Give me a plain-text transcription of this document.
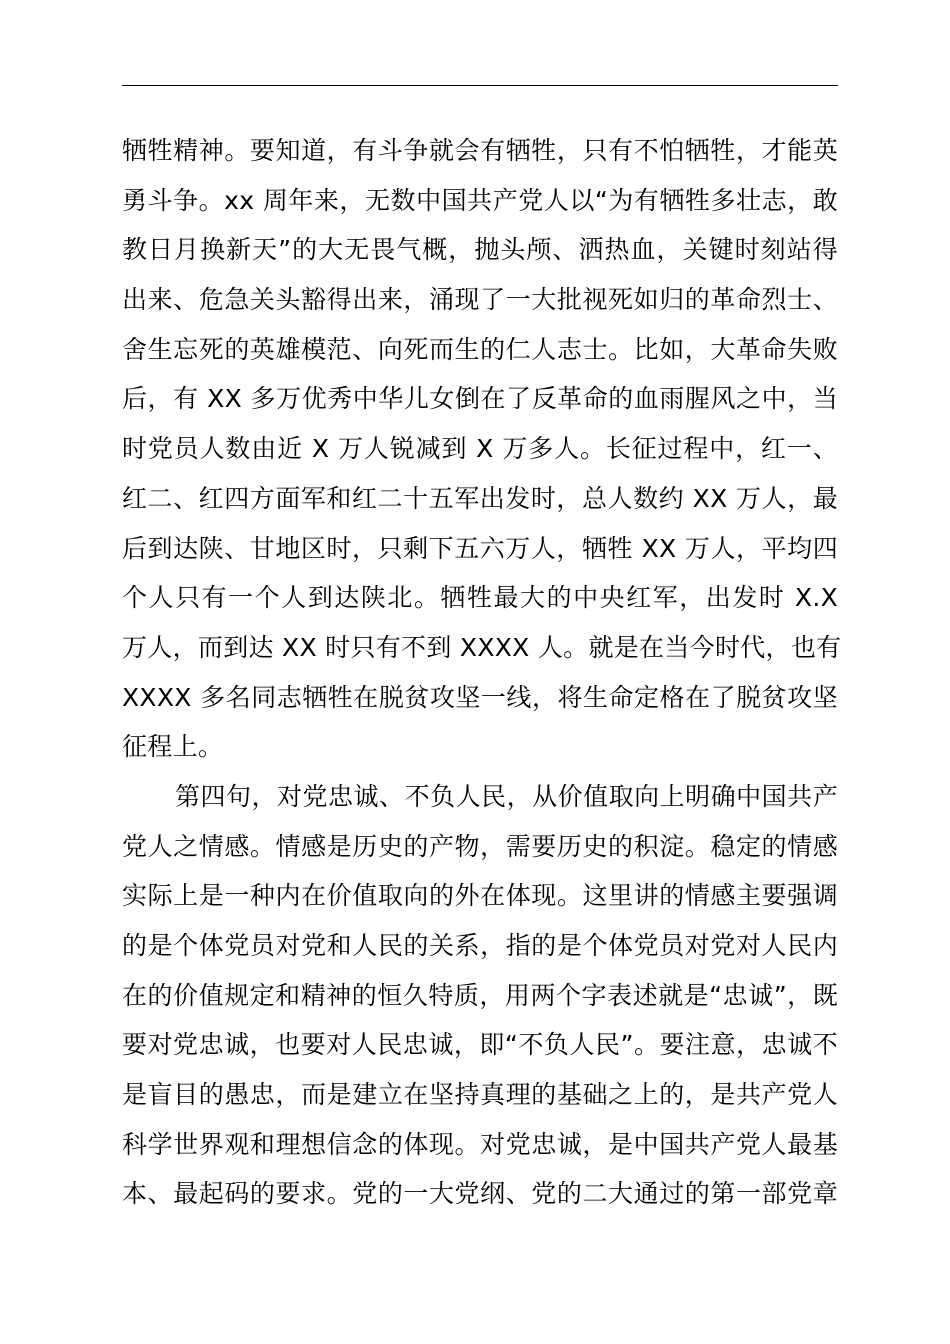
牺牲精神。要知道，有斗争就会有牺牲，只有不怕牺牲，才能英
勇斗争。xx 周年来，无数中国共产党人以“为有牺牲多壮志，敢
教日月换新天”的大无畏气概，抛头颅、洒热血，关键时刻站得
出来、危急关头豁得出来，涌现了一大批视死如归的革命烈士、
舍生忘死的英雄模范、向死而生的仁人志士。比如，大革命失败
后，有 XX 多万优秀中华儿女倒在了反革命的血雨腥风之中，当
时党员人数由近 X 万人锐减到 X 万多人。长征过程中，红一、
红二、红四方面军和红二十五军出发时，总人数约 XX 万人，最
后到达陕、甘地区时，只剩下五六万人，牺牲 XX 万人，平均四
个人只有一个人到达陕北。牺牲最大的中央红军，出发时 X.X
万人，而到达 XX 时只有不到 XXXX 人。就是在当今时代，也有
XXXX 多名同志牺牲在脱贫攻坚一线，将生命定格在了脱贫攻坚
征程上。
第四句，对党忠诚、不负人民，从价值取向上明确中国共产
党人之情感。情感是历史的产物，需要历史的积淀。稳定的情感
实际上是一种内在价值取向的外在体现。这里讲的情感主要强调
的是个体党员对党和人民的关系，指的是个体党员对党对人民内
在的价值规定和精神的恒久特质，用两个字表述就是“忠诚”，既
要对党忠诚，也要对人民忠诚，即“不负人民”。要注意，忠诚不
是盲目的愚忠，而是建立在坚持真理的基础之上的，是共产党人
科学世界观和理想信念的体现。对党忠诚，是中国共产党人最基
本、最起码的要求。党的一大党纲、党的二大通过的第一部党章
